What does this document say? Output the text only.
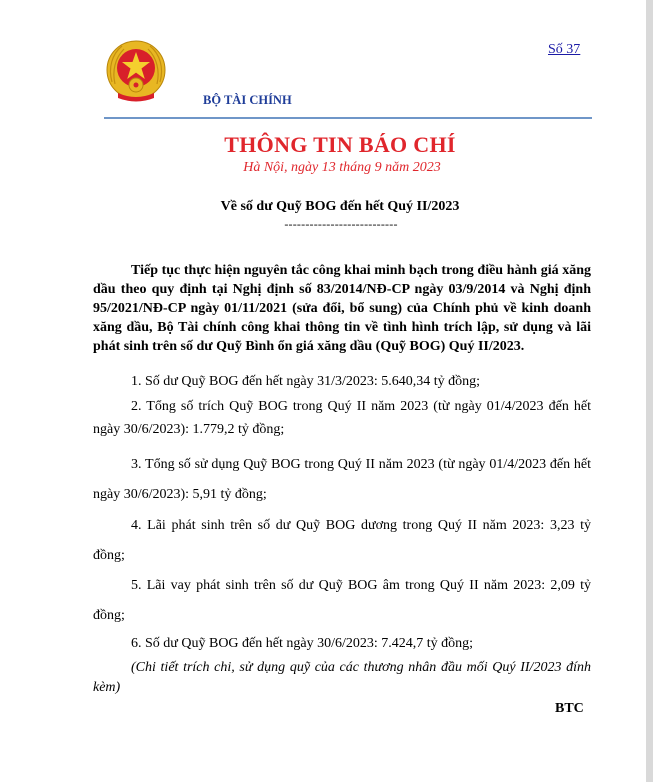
Số 37
BỘ TÀI CHÍNH
THÔNG TIN BÁO CHÍ
Hà Nội, ngày 13 tháng 9 năm 2023
Về số dư Quỹ BOG đến hết Quý II/2023
---------------------------
Tiếp tục thực hiện nguyên tắc công khai minh bạch trong điều hành giá xăng dầu theo quy định tại Nghị định số 83/2014/NĐ-CP ngày 03/9/2014 và Nghị định 95/2021/NĐ-CP ngày 01/11/2021 (sửa đổi, bổ sung) của Chính phủ về kinh doanh xăng dầu, Bộ Tài chính công khai thông tin về tình hình trích lập, sử dụng và lãi phát sinh trên số dư Quỹ Bình ổn giá xăng dầu (Quỹ BOG) Quý II/2023.
1. Số dư Quỹ BOG đến hết ngày 31/3/2023: 5.640,34 tỷ đồng;
2. Tổng số trích Quỹ BOG trong Quý II năm 2023 (từ ngày 01/4/2023 đến hết ngày 30/6/2023): 1.779,2 tỷ đồng;
3. Tổng số sử dụng Quỹ BOG trong Quý II năm 2023 (từ ngày 01/4/2023 đến hết ngày 30/6/2023): 5,91 tỷ đồng;
4. Lãi phát sinh trên số dư Quỹ BOG dương trong Quý II năm 2023: 3,23 tỷ đồng;
5. Lãi vay phát sinh trên số dư Quỹ BOG âm trong Quý II năm 2023: 2,09 tỷ đồng;
6. Số dư Quỹ BOG đến hết ngày 30/6/2023: 7.424,7 tỷ đồng;
(Chi tiết trích chi, sử dụng quỹ của các thương nhân đầu mối Quý II/2023 đính kèm)
BTC
